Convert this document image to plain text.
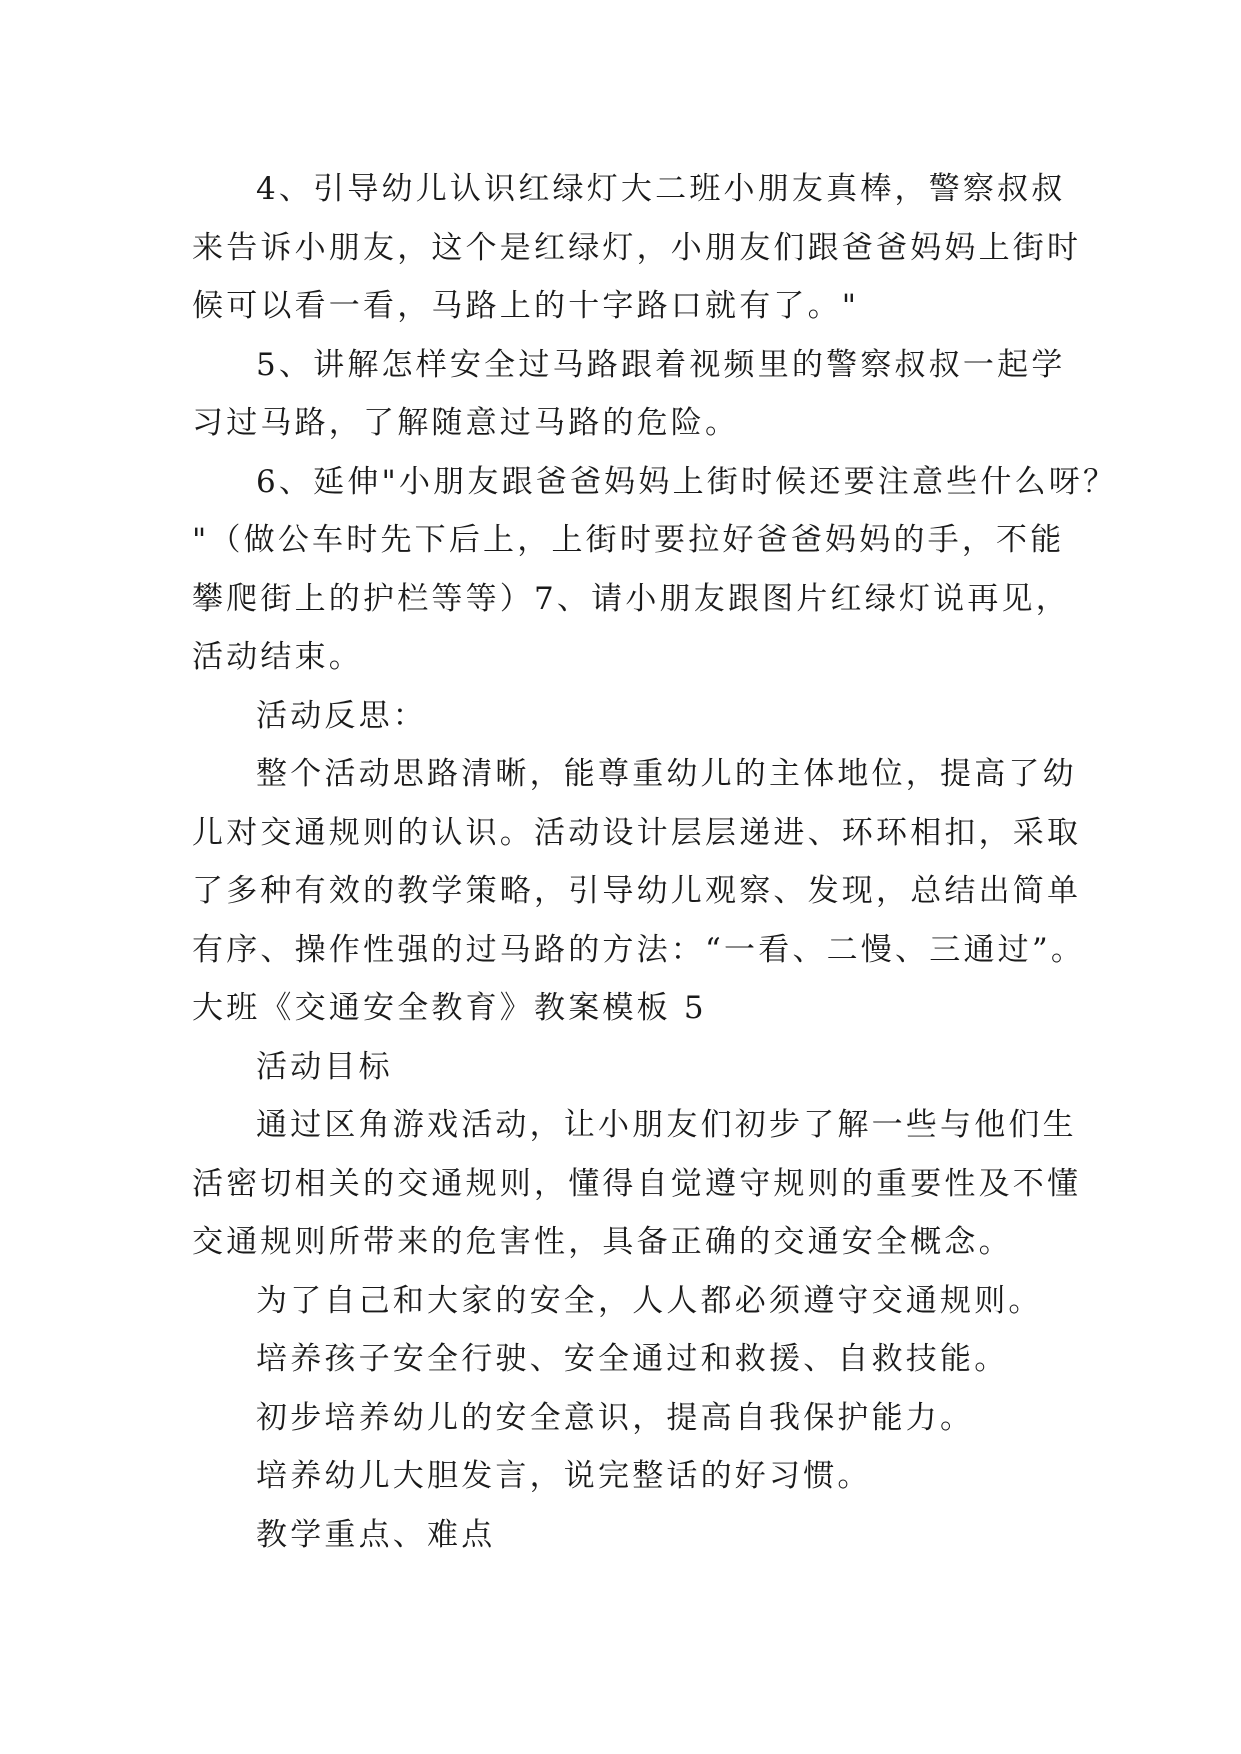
4、引导幼儿认识红绿灯大二班小朋友真棒，警察叔叔
来告诉小朋友，这个是红绿灯，小朋友们跟爸爸妈妈上街时
候可以看一看，马路上的十字路口就有了。"
5、讲解怎样安全过马路跟着视频里的警察叔叔一起学
习过马路，了解随意过马路的危险。
6、延伸"小朋友跟爸爸妈妈上街时候还要注意些什么呀？
"（做公车时先下后上，上街时要拉好爸爸妈妈的手，不能
攀爬街上的护栏等等）7、请小朋友跟图片红绿灯说再见，
活动结束。
活动反思：
整个活动思路清晰，能尊重幼儿的主体地位，提高了幼
儿对交通规则的认识。活动设计层层递进、环环相扣，采取
了多种有效的教学策略，引导幼儿观察、发现，总结出简单
有序、操作性强的过马路的方法：“一看、二慢、三通过”。
大班《交通安全教育》教案模板 5
活动目标
通过区角游戏活动，让小朋友们初步了解一些与他们生
活密切相关的交通规则，懂得自觉遵守规则的重要性及不懂
交通规则所带来的危害性，具备正确的交通安全概念。
为了自己和大家的安全，人人都必须遵守交通规则。
培养孩子安全行驶、安全通过和救援、自救技能。
初步培养幼儿的安全意识，提高自我保护能力。
培养幼儿大胆发言，说完整话的好习惯。
教学重点、难点
